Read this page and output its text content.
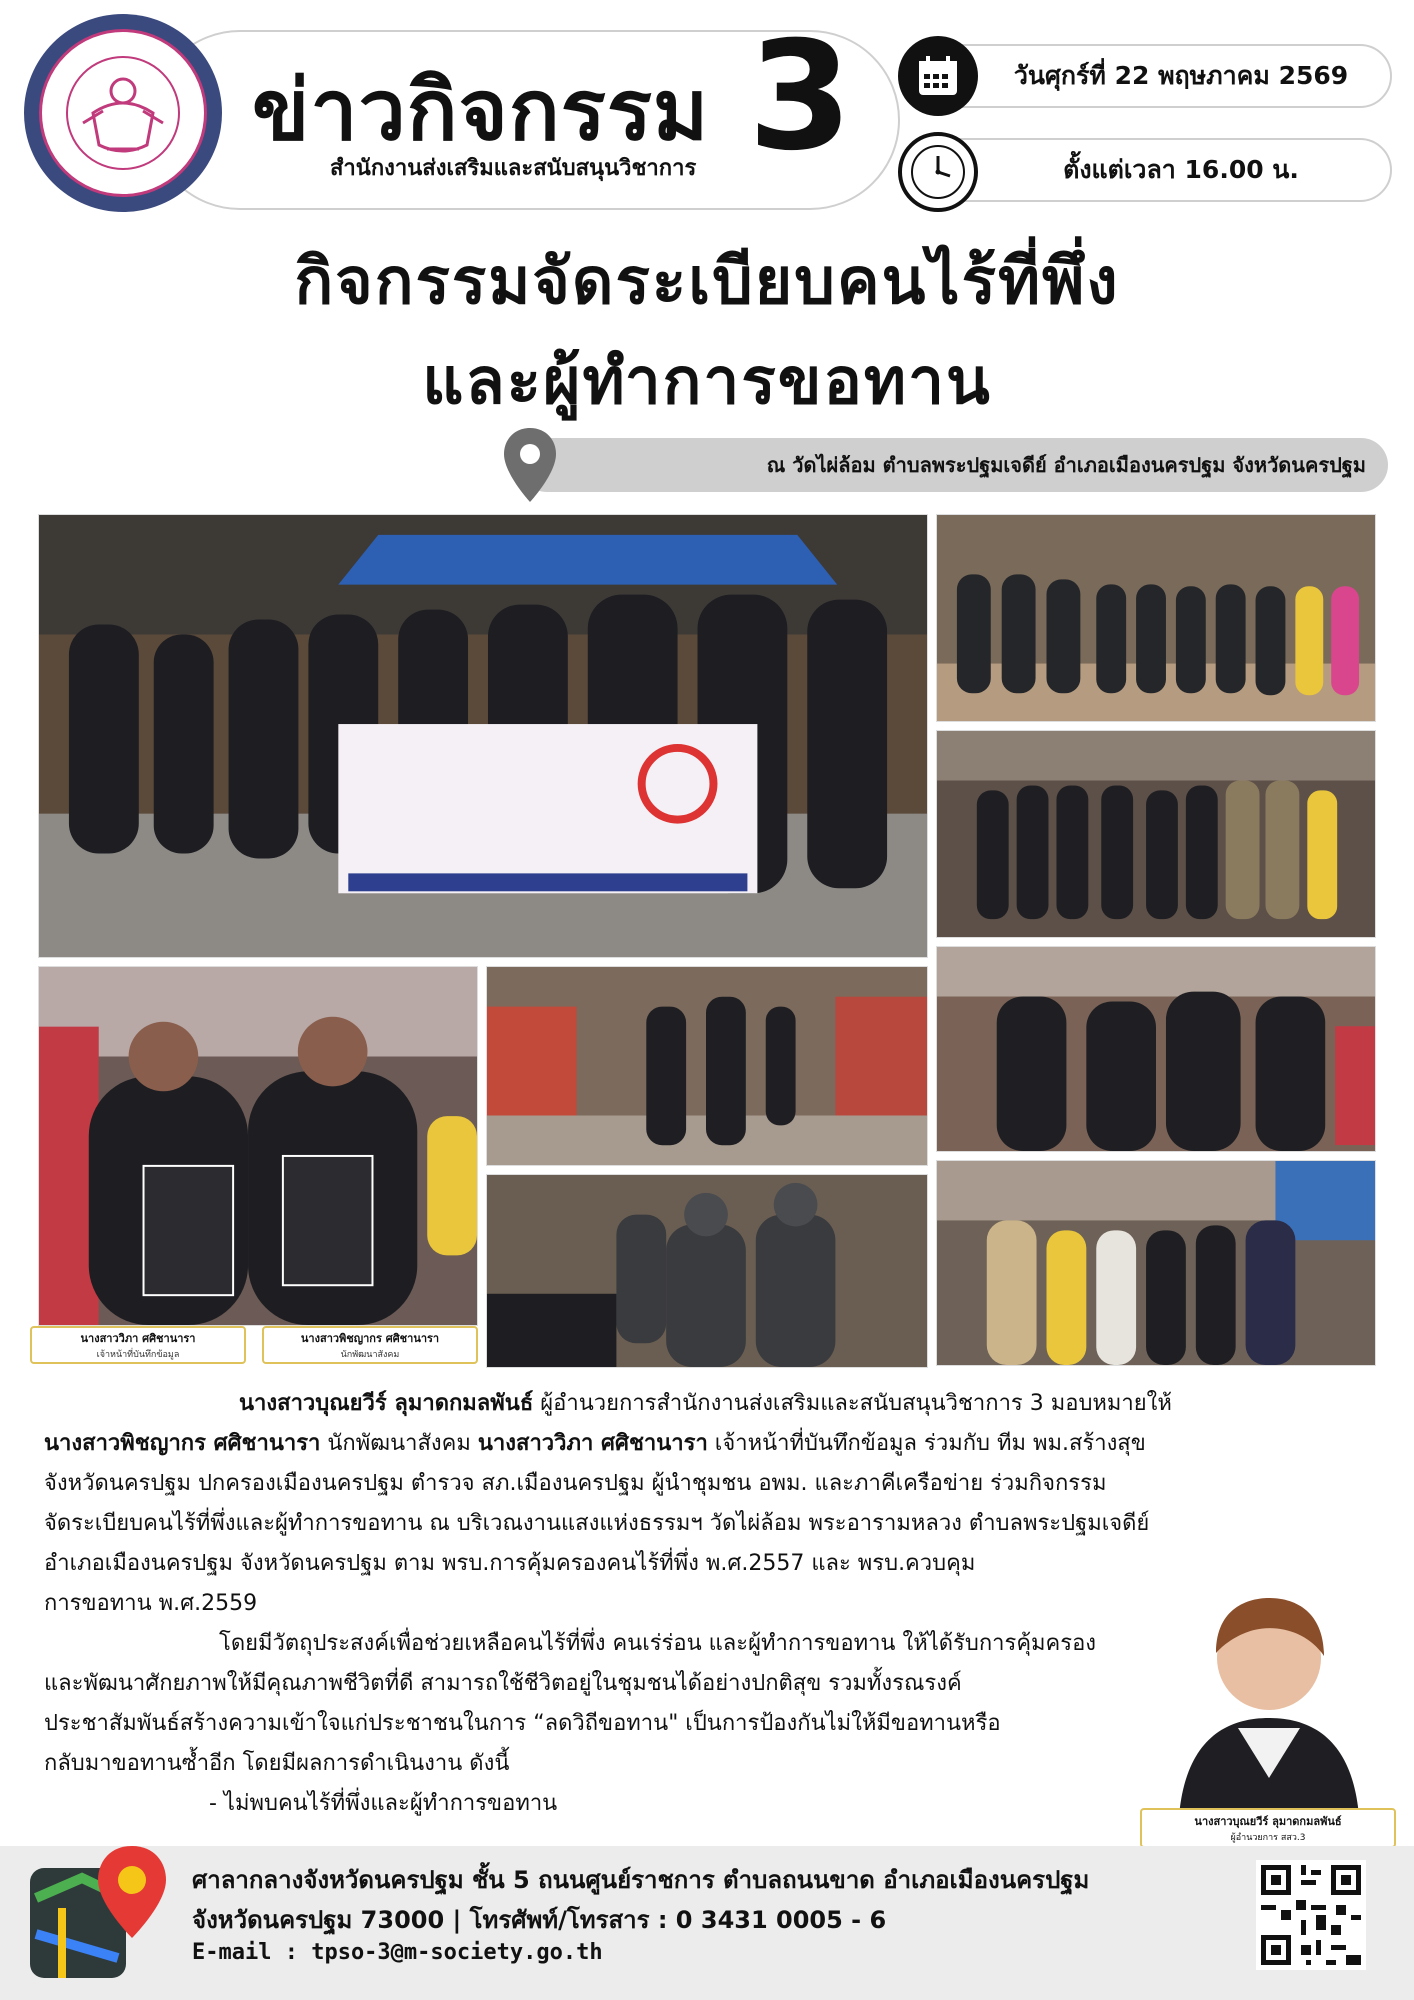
ข่าวกิจกรรม 3
สำนักงานส่งเสริมและสนับสนุนวิชาการ
วันศุกร์ที่ 22 พฤษภาคม 2569
ตั้งแต่เวลา 16.00 น.
กิจกรรมจัดระเบียบคนไร้ที่พึ่ง
และผู้ทำการขอทาน
ณ วัดไผ่ล้อม ตำบลพระปฐมเจดีย์ อำเภอเมืองนครปฐม จังหวัดนครปฐม
นางสาววิภา ศศิชานารา
เจ้าหน้าที่บันทึกข้อมูล
นางสาวพิชญากร ศศิชานารา
นักพัฒนาสังคม

นางสาวบุณยวีร์ ลุมาดกมลพันธ์ ผู้อำนวยการสำนักงานส่งเสริมและสนับสนุนวิชาการ 3 มอบหมายให้

นางสาวพิชญากร ศศิชานารา นักพัฒนาสังคม นางสาววิภา ศศิชานารา เจ้าหน้าที่บันทึกข้อมูล ร่วมกับ ทีม พม.สร้างสุข

จังหวัดนครปฐม ปกครองเมืองนครปฐม ตำรวจ สภ.เมืองนครปฐม ผู้นำชุมชน อพม. และภาคีเครือข่าย ร่วมกิจกรรม

จัดระเบียบคนไร้ที่พึ่งและผู้ทำการขอทาน ณ บริเวณงานแสงแห่งธรรมฯ วัดไผ่ล้อม พระอารามหลวง ตำบลพระปฐมเจดีย์

อำเภอเมืองนครปฐม จังหวัดนครปฐม ตาม พรบ.การคุ้มครองคนไร้ที่พึ่ง พ.ศ.2557 และ พรบ.ควบคุม

การขอทาน พ.ศ.2559

โดยมีวัตถุประสงค์เพื่อช่วยเหลือคนไร้ที่พึ่ง คนเร่ร่อน และผู้ทำการขอทาน ให้ได้รับการคุ้มครอง

และพัฒนาศักยภาพให้มีคุณภาพชีวิตที่ดี สามารถใช้ชีวิตอยู่ในชุมชนได้อย่างปกติสุข รวมทั้งรณรงค์

ประชาสัมพันธ์สร้างความเข้าใจแก่ประชาชนในการ “ลดวิถีขอทาน" เป็นการป้องกันไม่ให้มีขอทานหรือ

กลับมาขอทานซ้ำอีก โดยมีผลการดำเนินงาน ดังนี้

- ไม่พบคนไร้ที่พึ่งและผู้ทำการขอทาน

นางสาวบุณยวีร์ ลุมาดกมลพันธ์
ผู้อำนวยการ สสว.3
ศาลากลางจังหวัดนครปฐม ชั้น 5 ถนนศูนย์ราชการ ตำบลถนนขาด อำเภอเมืองนครปฐม
จังหวัดนครปฐม 73000 | โทรศัพท์/โทรสาร : 0 3431 0005 - 6
E-mail : tpso-3@m-society.go.th
